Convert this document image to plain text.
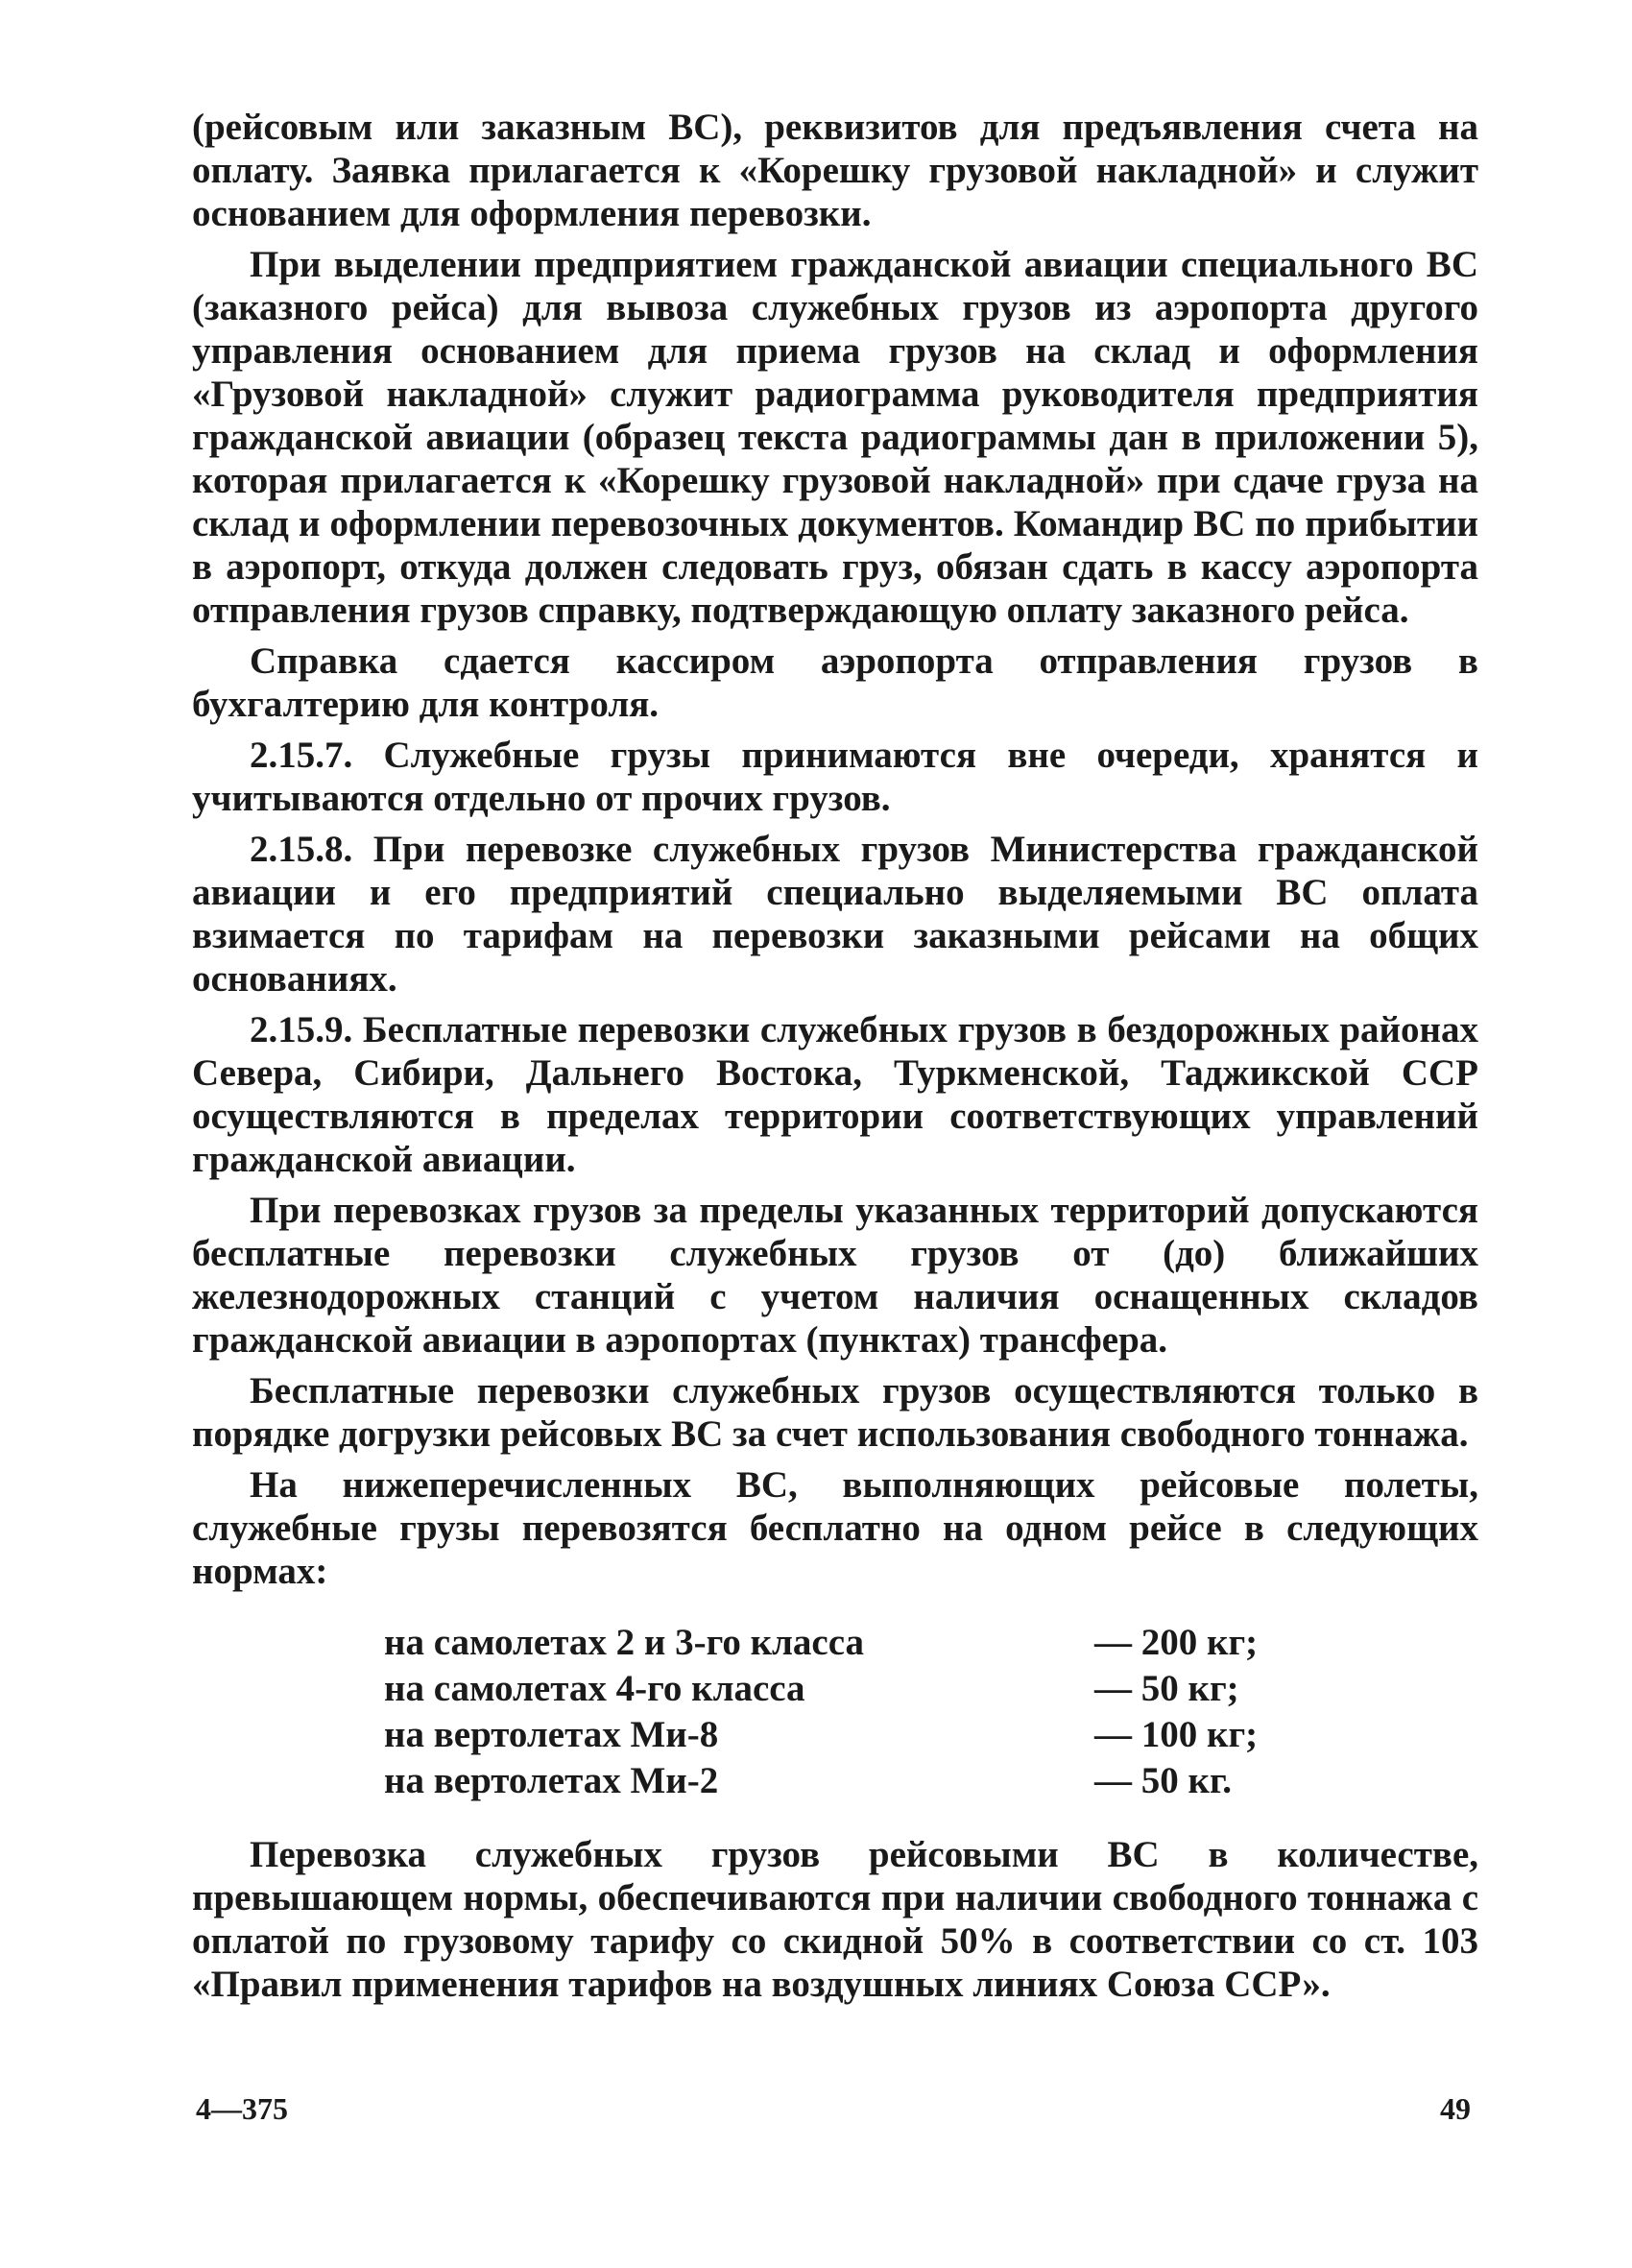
(рейсовым или заказным ВС), реквизитов для предъявления счета на оплату. Заявка прилагается к «Корешку грузовой накладной» и служит основанием для оформления перевозки.

При выделении предприятием гражданской авиации специального ВС (заказного рейса) для вывоза служебных грузов из аэропорта другого управления основанием для приема грузов на склад и оформления «Грузовой накладной» служит радиограмма руководителя предприятия гражданской авиации (образец текста радиограммы дан в приложении 5), которая прилагается к «Корешку грузовой накладной» при сдаче груза на склад и оформлении перевозочных документов. Командир ВС по прибытии в аэропорт, откуда должен следовать груз, обязан сдать в кассу аэропорта отправления грузов справку, подтверждающую оплату заказного рейса.

Справка сдается кассиром аэропорта отправления грузов в бухгалтерию для контроля.

2.15.7. Служебные грузы принимаются вне очереди, хранятся и учитываются отдельно от прочих грузов.

2.15.8. При перевозке служебных грузов Министерства гражданской авиации и его предприятий специально выделяемыми ВС оплата взимается по тарифам на перевозки заказными рейсами на общих основаниях.

2.15.9. Бесплатные перевозки служебных грузов в бездорожных районах Севера, Сибири, Дальнего Востока, Туркменской, Таджикской ССР осуществляются в пределах территории соответствующих управлений гражданской авиации.

При перевозках грузов за пределы указанных территорий допускаются бесплатные перевозки служебных грузов от (до) ближайших железнодорожных станций с учетом наличия оснащенных складов гражданской авиации в аэропортах (пунктах) трансфера.

Бесплатные перевозки служебных грузов осуществляются только в порядке догрузки рейсовых ВС за счет использования свободного тоннажа.

На нижеперечисленных ВС, выполняющих рейсовые полеты, служебные грузы перевозятся бесплатно на одном рейсе в следующих нормах:

на самолетах 2 и 3-го класса	— 200 кг;
на самолетах 4-го класса	— 50 кг;
на вертолетах Ми-8	— 100 кг;
на вертолетах Ми-2	— 50 кг.

Перевозка служебных грузов рейсовыми ВС в количестве, превышающем нормы, обеспечиваются при наличии свободного тоннажа с оплатой по грузовому тарифу со скидной 50% в соответствии со ст. 103 «Правил применения тарифов на воздушных линиях Союза ССР».

4—375	49
